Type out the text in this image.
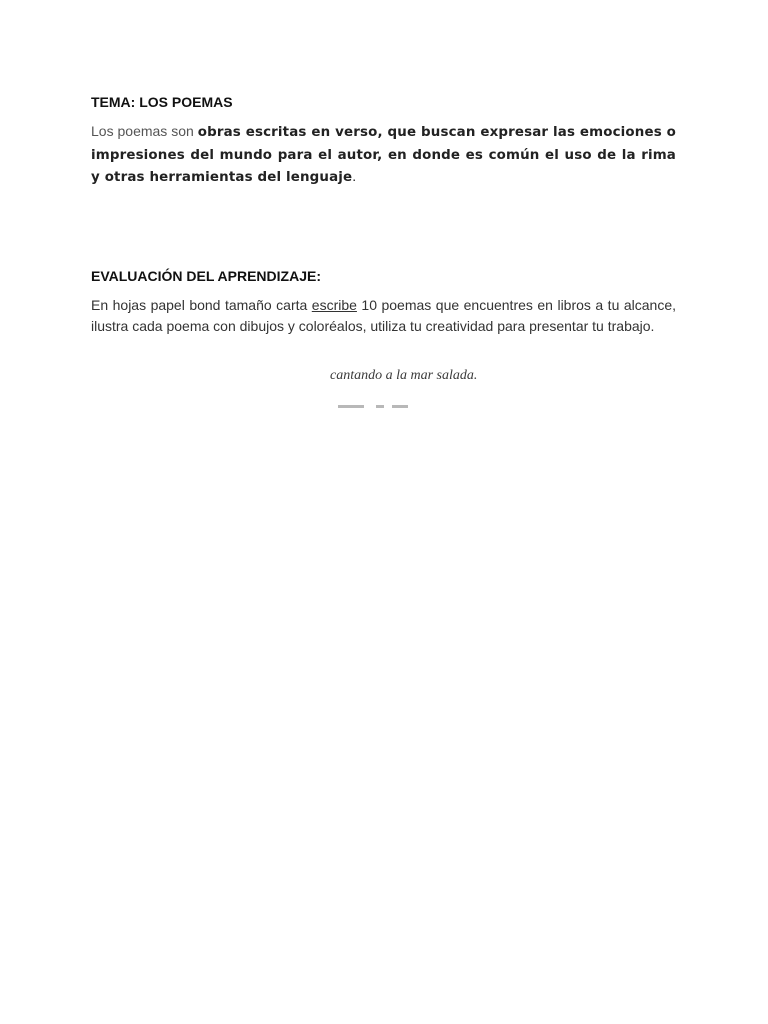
TEMA: LOS POEMAS

Los poemas son obras escritas en verso, que buscan expresar las emociones o impresiones del mundo para el autor, en donde es común el uso de la rima y otras herramientas del lenguaje.

EVALUACIÓN DEL APRENDIZAJE:

En hojas papel bond tamaño carta escribe 10 poemas que encuentres en libros a tu alcance, ilustra cada poema con dibujos y coloréalos, utiliza tu creatividad para presentar tu trabajo.

cantando a la mar salada.
